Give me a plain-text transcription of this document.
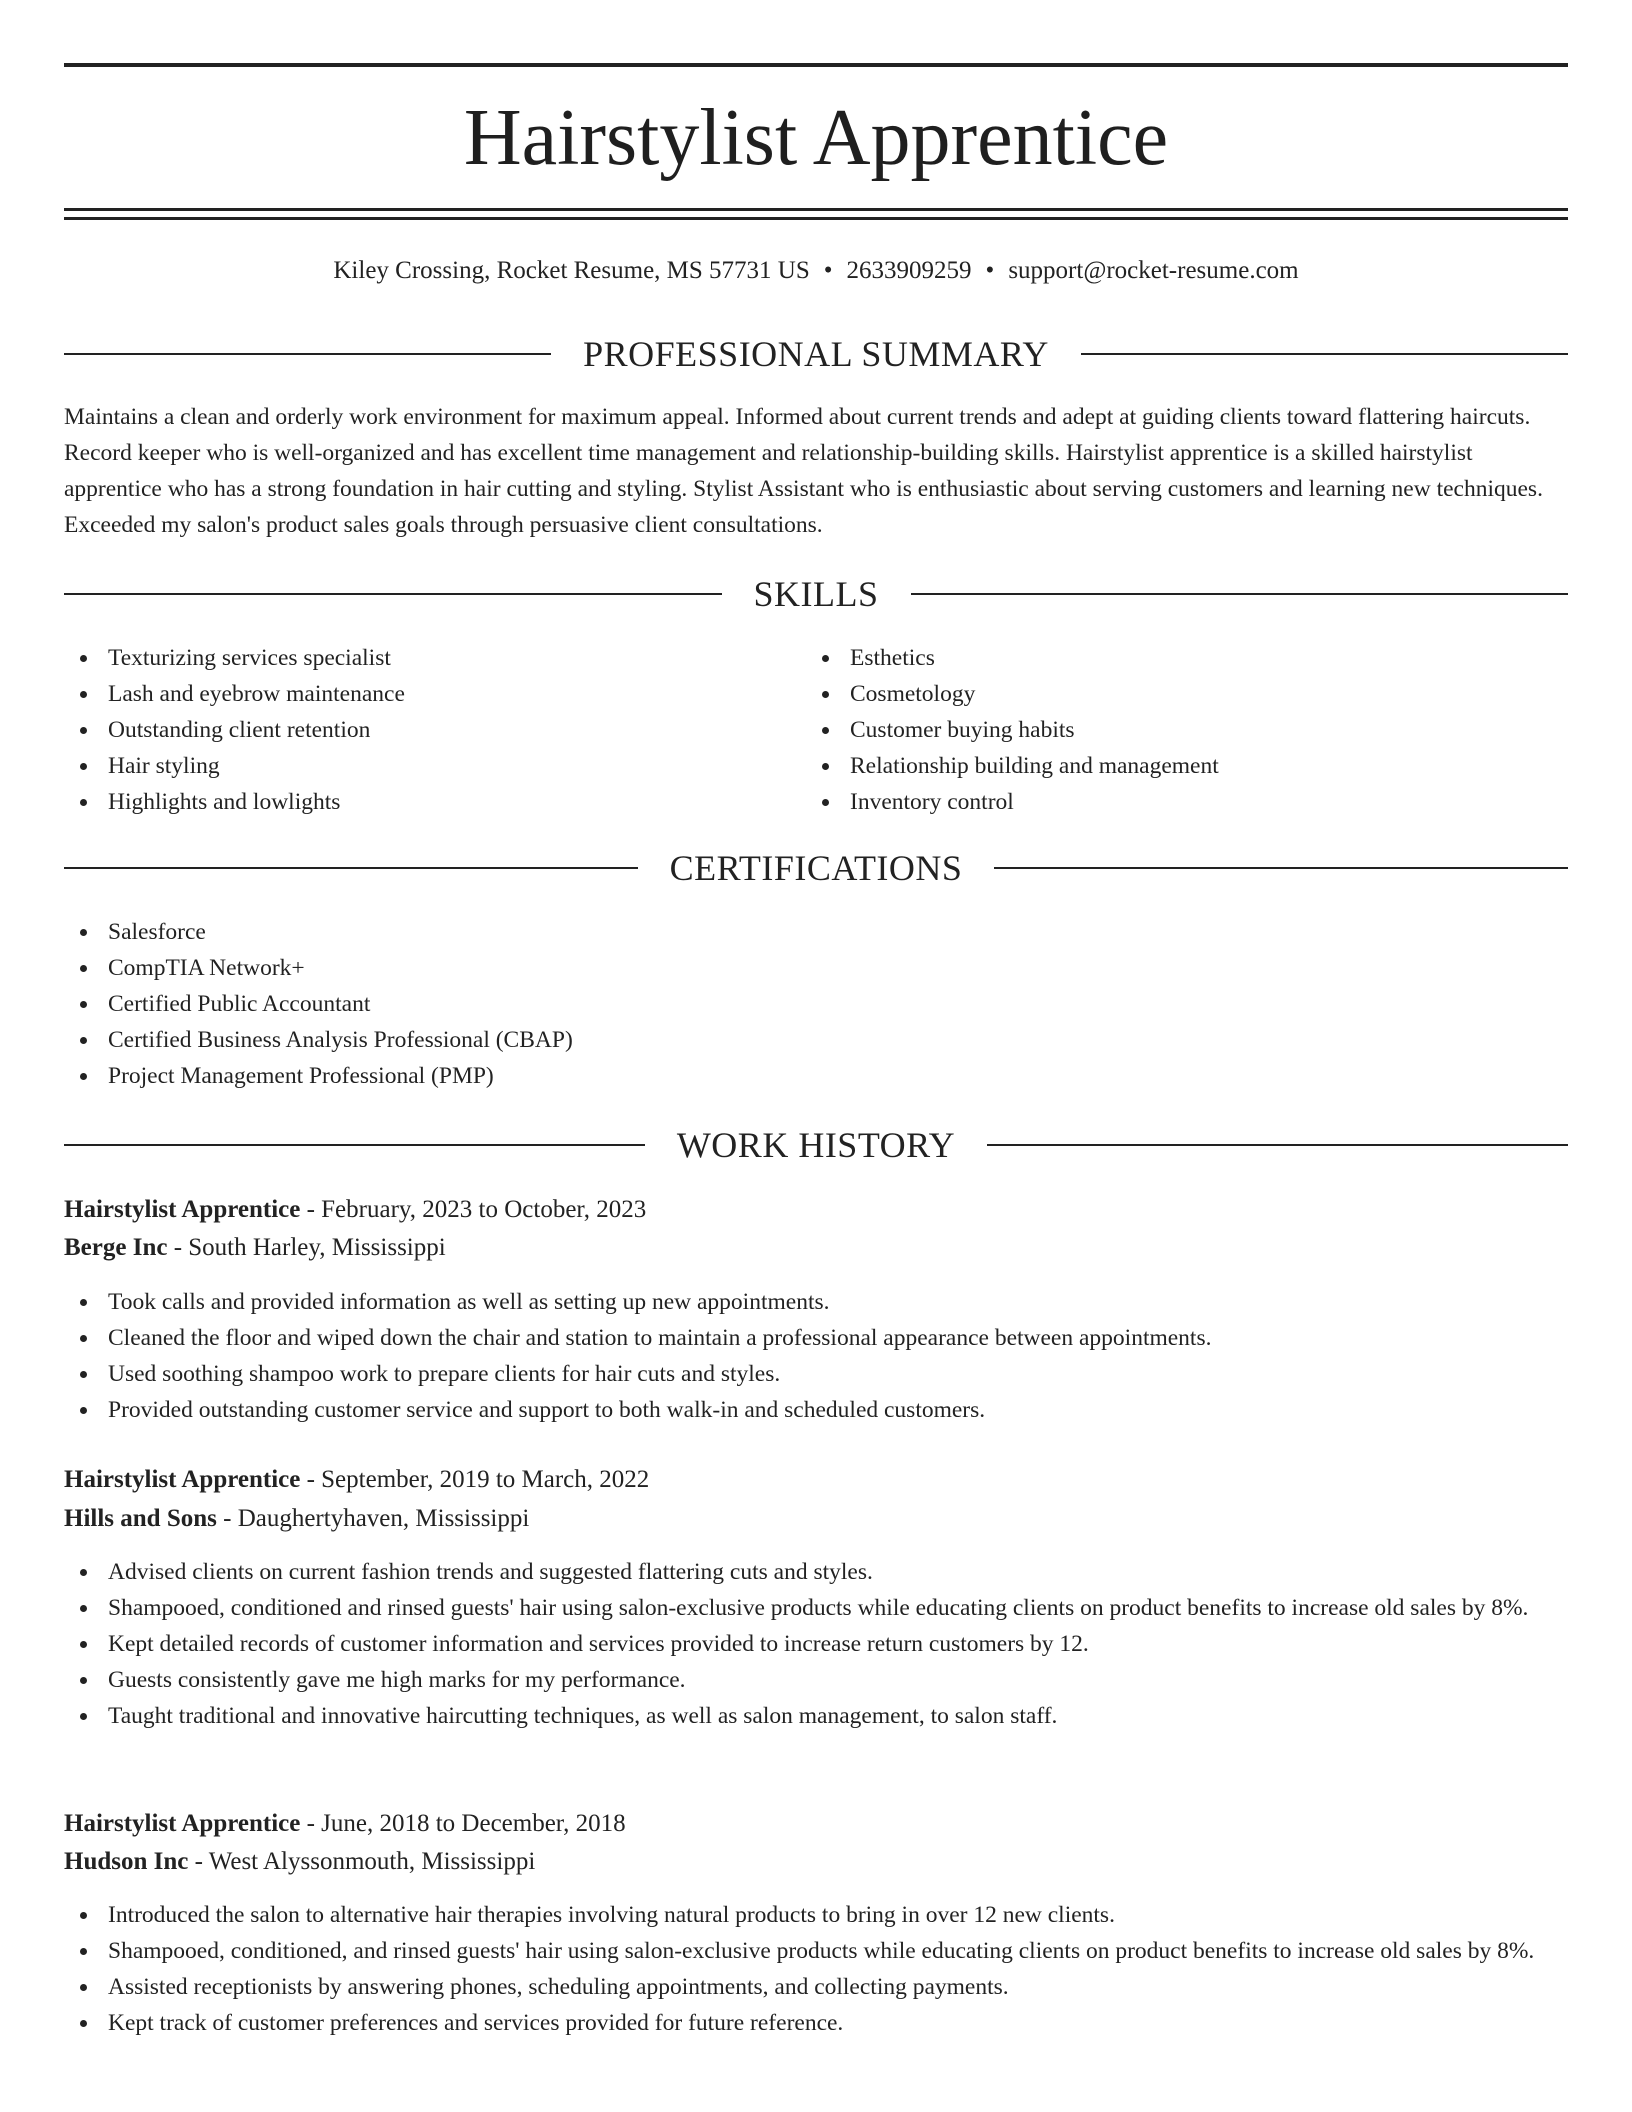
Hairstylist Apprentice
Kiley Crossing, Rocket Resume, MS 57731 US • 2633909259 • support@rocket-resume.com
PROFESSIONAL SUMMARY
Maintains a clean and orderly work environment for maximum appeal. Informed about current trends and adept at guiding clients toward flattering haircuts. Record keeper who is well-organized and has excellent time management and relationship-building skills. Hairstylist apprentice is a skilled hairstylist apprentice who has a strong foundation in hair cutting and styling. Stylist Assistant who is enthusiastic about serving customers and learning new techniques. Exceeded my salon's product sales goals through persuasive client consultations.
SKILLS
Texturizing services specialist
Lash and eyebrow maintenance
Outstanding client retention
Hair styling
Highlights and lowlights
Esthetics
Cosmetology
Customer buying habits
Relationship building and management
Inventory control
CERTIFICATIONS
Salesforce
CompTIA Network+
Certified Public Accountant
Certified Business Analysis Professional (CBAP)
Project Management Professional (PMP)
WORK HISTORY
Hairstylist Apprentice - February, 2023 to October, 2023
Berge Inc - South Harley, Mississippi
Took calls and provided information as well as setting up new appointments.
Cleaned the floor and wiped down the chair and station to maintain a professional appearance between appointments.
Used soothing shampoo work to prepare clients for hair cuts and styles.
Provided outstanding customer service and support to both walk-in and scheduled customers.
Hairstylist Apprentice - September, 2019 to March, 2022
Hills and Sons - Daughertyhaven, Mississippi
Advised clients on current fashion trends and suggested flattering cuts and styles.
Shampooed, conditioned and rinsed guests' hair using salon-exclusive products while educating clients on product benefits to increase old sales by 8%.
Kept detailed records of customer information and services provided to increase return customers by 12.
Guests consistently gave me high marks for my performance.
Taught traditional and innovative haircutting techniques, as well as salon management, to salon staff.
Hairstylist Apprentice - June, 2018 to December, 2018
Hudson Inc - West Alyssonmouth, Mississippi
Introduced the salon to alternative hair therapies involving natural products to bring in over 12 new clients.
Shampooed, conditioned, and rinsed guests' hair using salon-exclusive products while educating clients on product benefits to increase old sales by 8%.
Assisted receptionists by answering phones, scheduling appointments, and collecting payments.
Kept track of customer preferences and services provided for future reference.
